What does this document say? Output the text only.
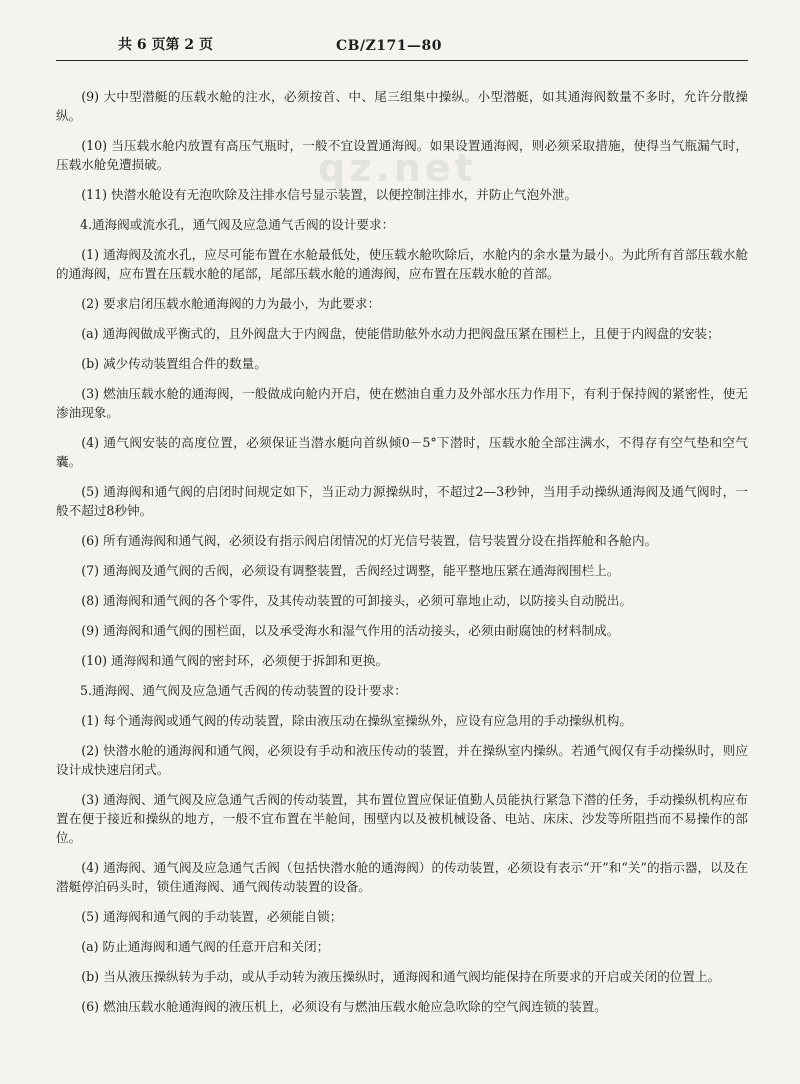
共 6 页第 2 页	CB/Z171—80
qz.net

(9) 大中型潜艇的压载水舱的注水，必须按首、中、尾三组集中操纵。小型潜艇，如其通海阀数量不多时，允许分散操纵。

(10) 当压载水舱内放置有高压气瓶时，一般不宜设置通海阀。如果设置通海阀，则必须采取措施，使得当气瓶漏气时，压载水舱免遭损破。

(11) 快潜水舱设有无泡吹除及注排水信号显示装置，以便控制注排水，并防止气泡外泄。

4.通海阀或流水孔，通气阀及应急通气舌阀的设计要求：

(1) 通海阀及流水孔，应尽可能布置在水舱最低处，使压载水舱吹除后，水舱内的余水量为最小。为此所有首部压载水舱的通海阀，应布置在压载水舱的尾部，尾部压载水舱的通海阀，应布置在压载水舱的首部。

(2) 要求启闭压载水舱通海阀的力为最小，为此要求：

(a) 通海阀做成平衡式的，且外阀盘大于内阀盘，使能借助舷外水动力把阀盘压紧在围栏上，且便于内阀盘的安装；

(b) 减少传动装置组合件的数量。

(3) 燃油压载水舱的通海阀，一般做成向舱内开启，使在燃油自重力及外部水压力作用下，有利于保持阀的紧密性，使无渗油现象。

(4) 通气阀安装的高度位置，必须保证当潜水艇向首纵倾0－5°下潜时，压载水舱全部注满水，不得存有空气垫和空气囊。

(5) 通海阀和通气阀的启闭时间规定如下，当正动力源操纵时，不超过2—3秒钟，当用手动操纵通海阀及通气阀时，一般不超过8秒钟。

(6) 所有通海阀和通气阀，必须设有指示阀启闭情况的灯光信号装置，信号装置分设在指挥舱和各舱内。

(7) 通海阀及通气阀的舌阀，必须设有调整装置，舌阀经过调整，能平整地压紧在通海阀围栏上。

(8) 通海阀和通气阀的各个零件，及其传动装置的可卸接头，必须可靠地止动，以防接头自动脱出。

(9) 通海阀和通气阀的围栏面，以及承受海水和湿气作用的活动接头，必须由耐腐蚀的材料制成。

(10) 通海阀和通气阀的密封环，必须便于拆卸和更换。

5.通海阀、通气阀及应急通气舌阀的传动装置的设计要求：

(1) 每个通海阀或通气阀的传动装置，除由液压动在操纵室操纵外，应设有应急用的手动操纵机构。

(2) 快潜水舱的通海阀和通气阀，必须设有手动和液压传动的装置，并在操纵室内操纵。若通气阀仅有手动操纵时，则应设计成快速启闭式。

(3) 通海阀、通气阀及应急通气舌阀的传动装置，其布置位置应保证值勤人员能执行紧急下潜的任务，手动操纵机构应布置在便于接近和操纵的地方，一般不宜布置在半舱间，围壁内以及被机械设备、电站、床床、沙发等所阻挡而不易操作的部位。

(4) 通海阀、通气阀及应急通气舌阀（包括快潜水舱的通海阀）的传动装置，必须设有表示“开”和“关”的指示器，以及在潜艇停泊码头时，锁住通海阀、通气阀传动装置的设备。

(5) 通海阀和通气阀的手动装置，必须能自锁；

(a) 防止通海阀和通气阀的任意开启和关闭；

(b) 当从液压操纵转为手动，或从手动转为液压操纵时，通海阀和通气阀均能保持在所要求的开启或关闭的位置上。

(6) 燃油压载水舱通海阀的液压机上，必须设有与燃油压载水舱应急吹除的空气阀连锁的装置。
